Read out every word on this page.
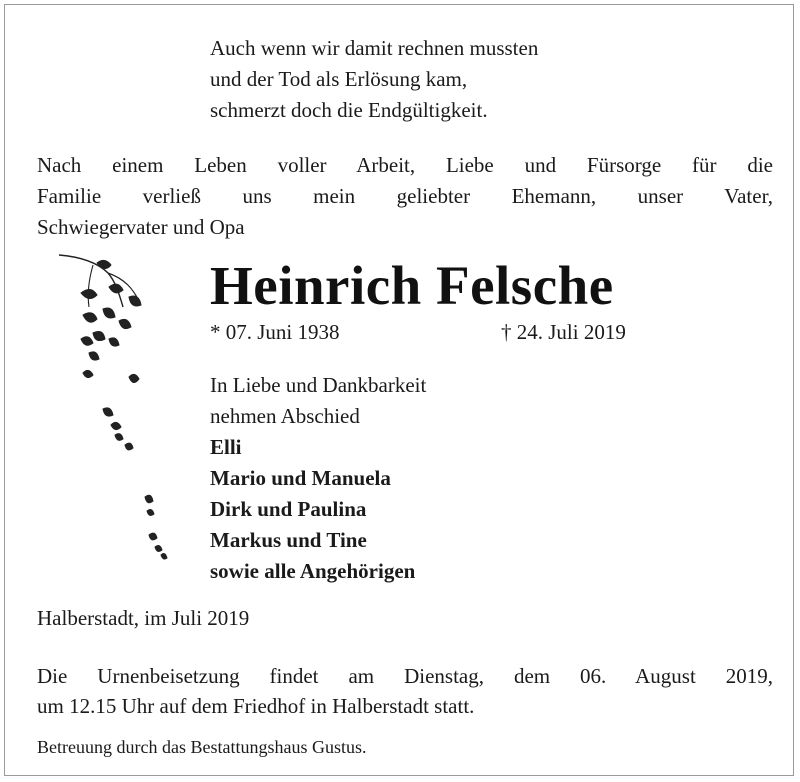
Auch wenn wir damit rechnen mussten
und der Tod als Erlösung kam,
schmerzt doch die Endgültigkeit.
Nach einem Leben voller Arbeit, Liebe und Fürsorge für die
Familie verließ uns mein geliebter Ehemann, unser Vater,
Schwiegervater und Opa
Heinrich Felsche
* 07. Juni 1938	† 24. Juli 2019
In Liebe und Dankbarkeit
nehmen Abschied
Elli
Mario und Manuela
Dirk und Paulina
Markus und Tine
sowie alle Angehörigen
Halberstadt, im Juli 2019
Die Urnenbeisetzung findet am Dienstag, dem 06. August 2019,
um 12.15 Uhr auf dem Friedhof in Halberstadt statt.
Betreuung durch das Bestattungshaus Gustus.
